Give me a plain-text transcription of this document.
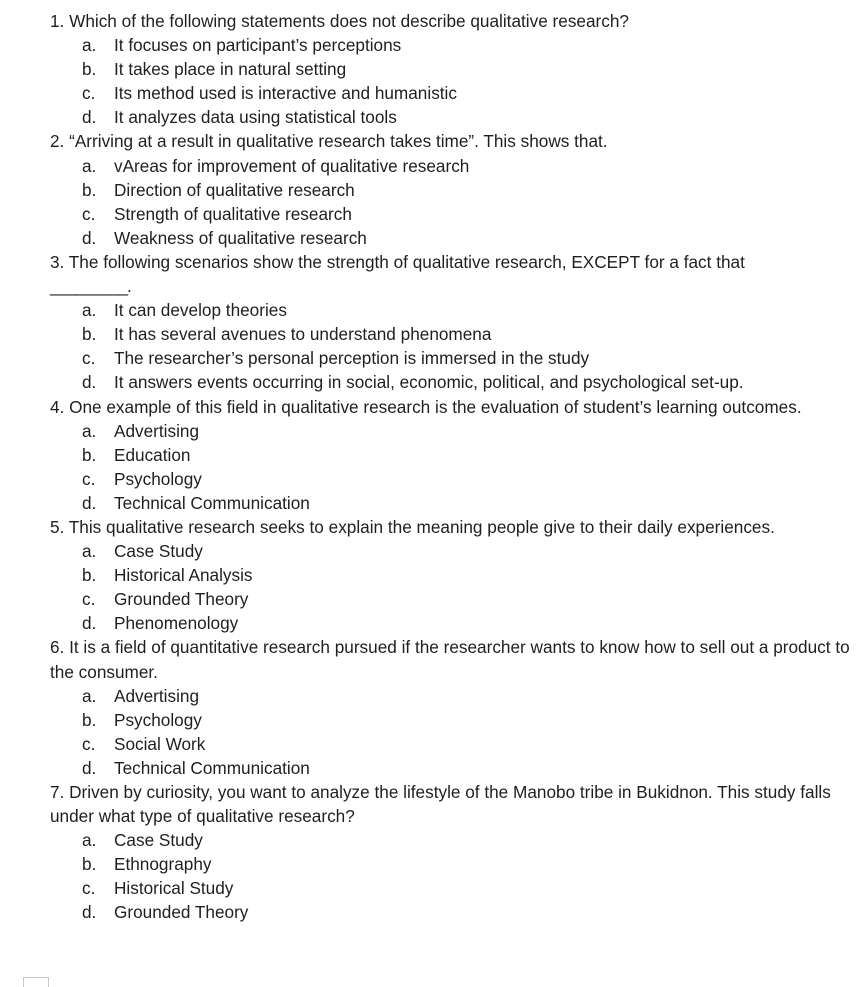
1. Which of the following statements does not describe qualitative research?
a. It focuses on participant’s perceptions
b. It takes place in natural setting
c. Its method used is interactive and humanistic
d. It analyzes data using statistical tools
2. “Arriving at a result in qualitative research takes time”. This shows that.
a. vAreas for improvement of qualitative research
b. Direction of qualitative research
c. Strength of qualitative research
d. Weakness of qualitative research
3. The following scenarios show the strength of qualitative research, EXCEPT for a fact that
_________.
a. It can develop theories
b. It has several avenues to understand phenomena
c. The researcher’s personal perception is immersed in the study
d. It answers events occurring in social, economic, political, and psychological set-up.
4. One example of this field in qualitative research is the evaluation of student’s learning outcomes.
a. Advertising
b. Education
c. Psychology
d. Technical Communication
5. This qualitative research seeks to explain the meaning people give to their daily experiences.
a. Case Study
b. Historical Analysis
c. Grounded Theory
d. Phenomenology
6. It is a field of quantitative research pursued if the researcher wants to know how to sell out a product to the consumer.
a. Advertising
b. Psychology
c. Social Work
d. Technical Communication
7. Driven by curiosity, you want to analyze the lifestyle of the Manobo tribe in Bukidnon. This study falls under what type of qualitative research?
a. Case Study
b. Ethnography
c. Historical Study
d. Grounded Theory
